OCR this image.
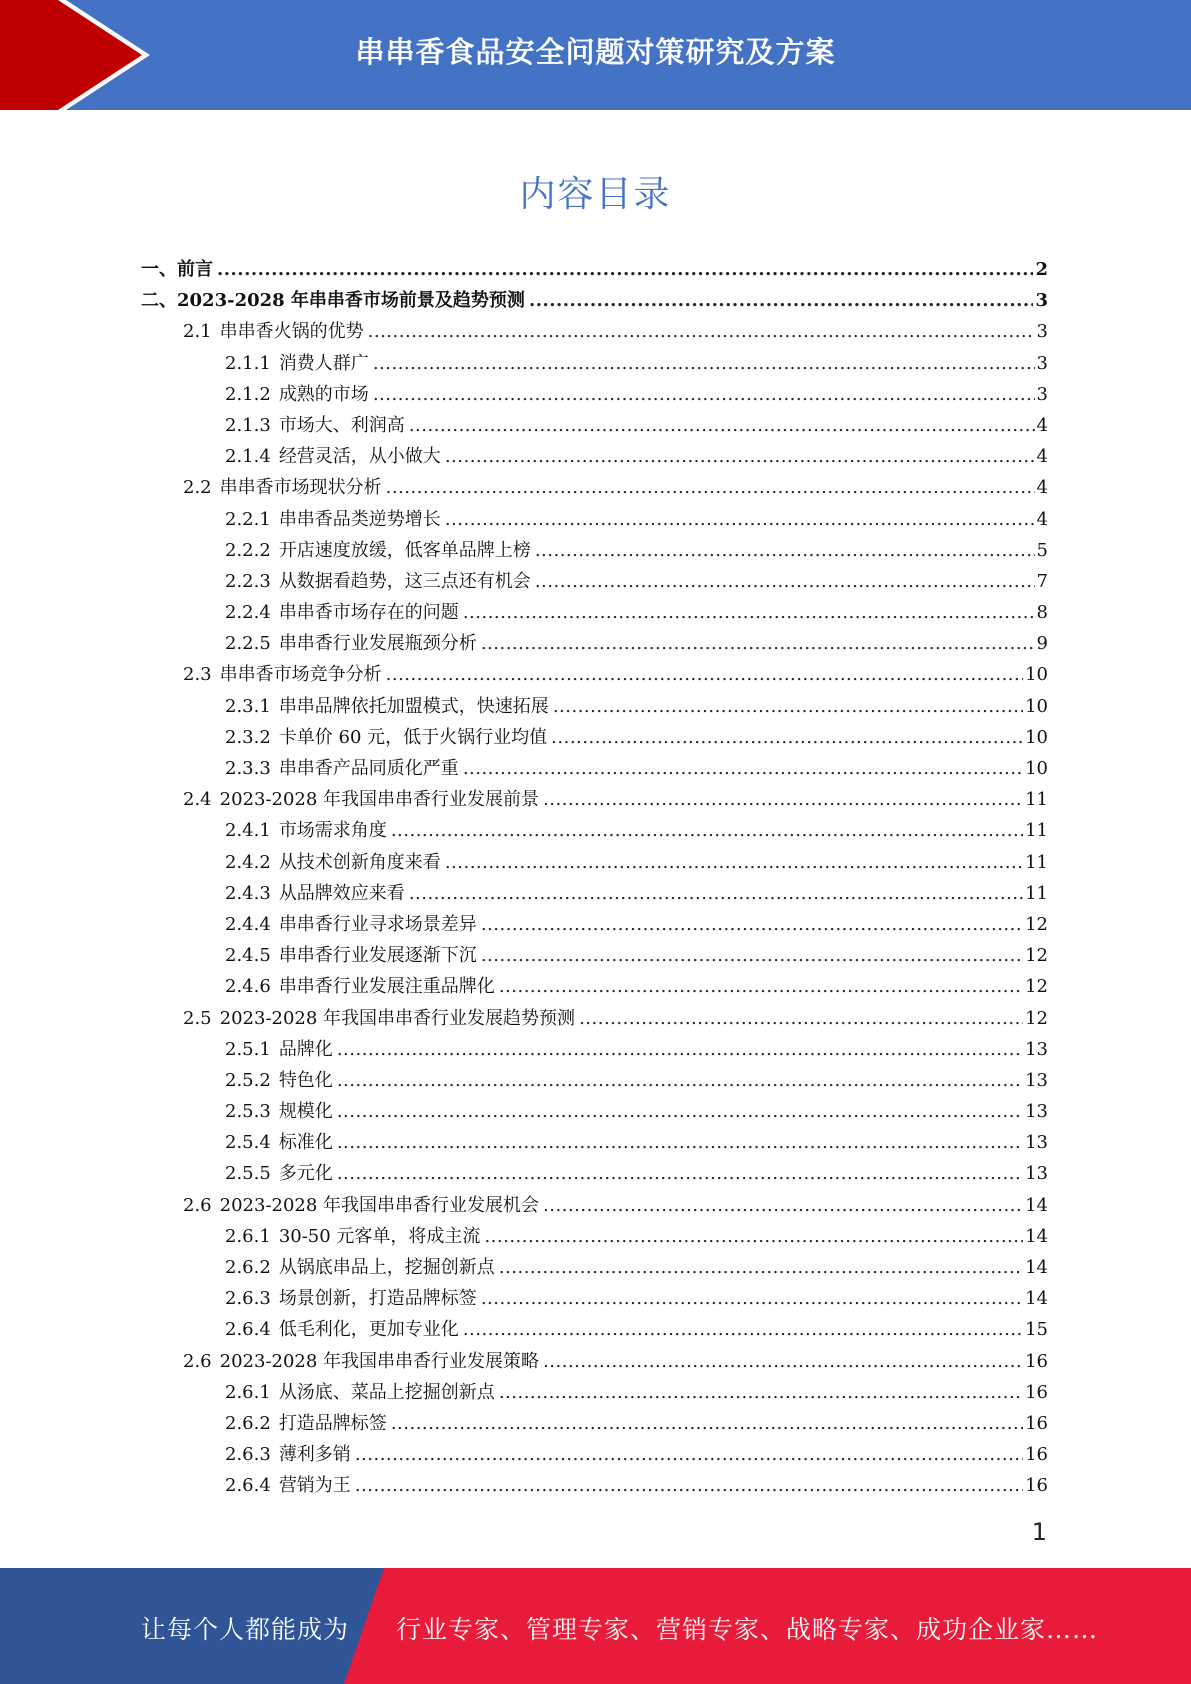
串串香食品安全问题对策研究及方案
内容目录
一、 前言 .....	2
二、 2023-2028 年串串香市场前景及趋势预测 .....	3
2.1 串串香火锅的优势 .....	3
2.1.1 消费人群广 .....	3
2.1.2 成熟的市场 .....	3
2.1.3 市场大、利润高 .....	4
2.1.4 经营灵活，从小做大 .....	4
2.2 串串香市场现状分析 .....	4
2.2.1 串串香品类逆势增长 .....	4
2.2.2 开店速度放缓，低客单品牌上榜 .....	5
2.2.3 从数据看趋势，这三点还有机会 .....	7
2.2.4 串串香市场存在的问题 .....	8
2.2.5 串串香行业发展瓶颈分析 .....	9
2.3 串串香市场竞争分析 .....	10
2.3.1 串串品牌依托加盟模式，快速拓展 .....	10
2.3.2 卡单价 60 元，低于火锅行业均值 .....	10
2.3.3 串串香产品同质化严重 .....	10
2.4 2023-2028 年我国串串香行业发展前景 .....	11
2.4.1 市场需求角度 .....	11
2.4.2 从技术创新角度来看 .....	11
2.4.3 从品牌效应来看 .....	11
2.4.4 串串香行业寻求场景差异 .....	12
2.4.5 串串香行业发展逐渐下沉 .....	12
2.4.6 串串香行业发展注重品牌化 .....	12
2.5 2023-2028 年我国串串香行业发展趋势预测 .....	12
2.5.1 品牌化 .....	13
2.5.2 特色化 .....	13
2.5.3 规模化 .....	13
2.5.4 标准化 .....	13
2.5.5 多元化 .....	13
2.6 2023-2028 年我国串串香行业发展机会 .....	14
2.6.1 30-50 元客单，将成主流 .....	14
2.6.2 从锅底串品上，挖掘创新点 .....	14
2.6.3 场景创新，打造品牌标签 .....	14
2.6.4 低毛利化，更加专业化 .....	15
2.6 2023-2028 年我国串串香行业发展策略 .....	16
2.6.1 从汤底、菜品上挖掘创新点 .....	16
2.6.2 打造品牌标签 .....	16
2.6.3 薄利多销 .....	16
2.6.4 营销为王 .....	16
1
让每个人都能成为 行业专家、管理专家、营销专家、战略专家、成功企业家……
